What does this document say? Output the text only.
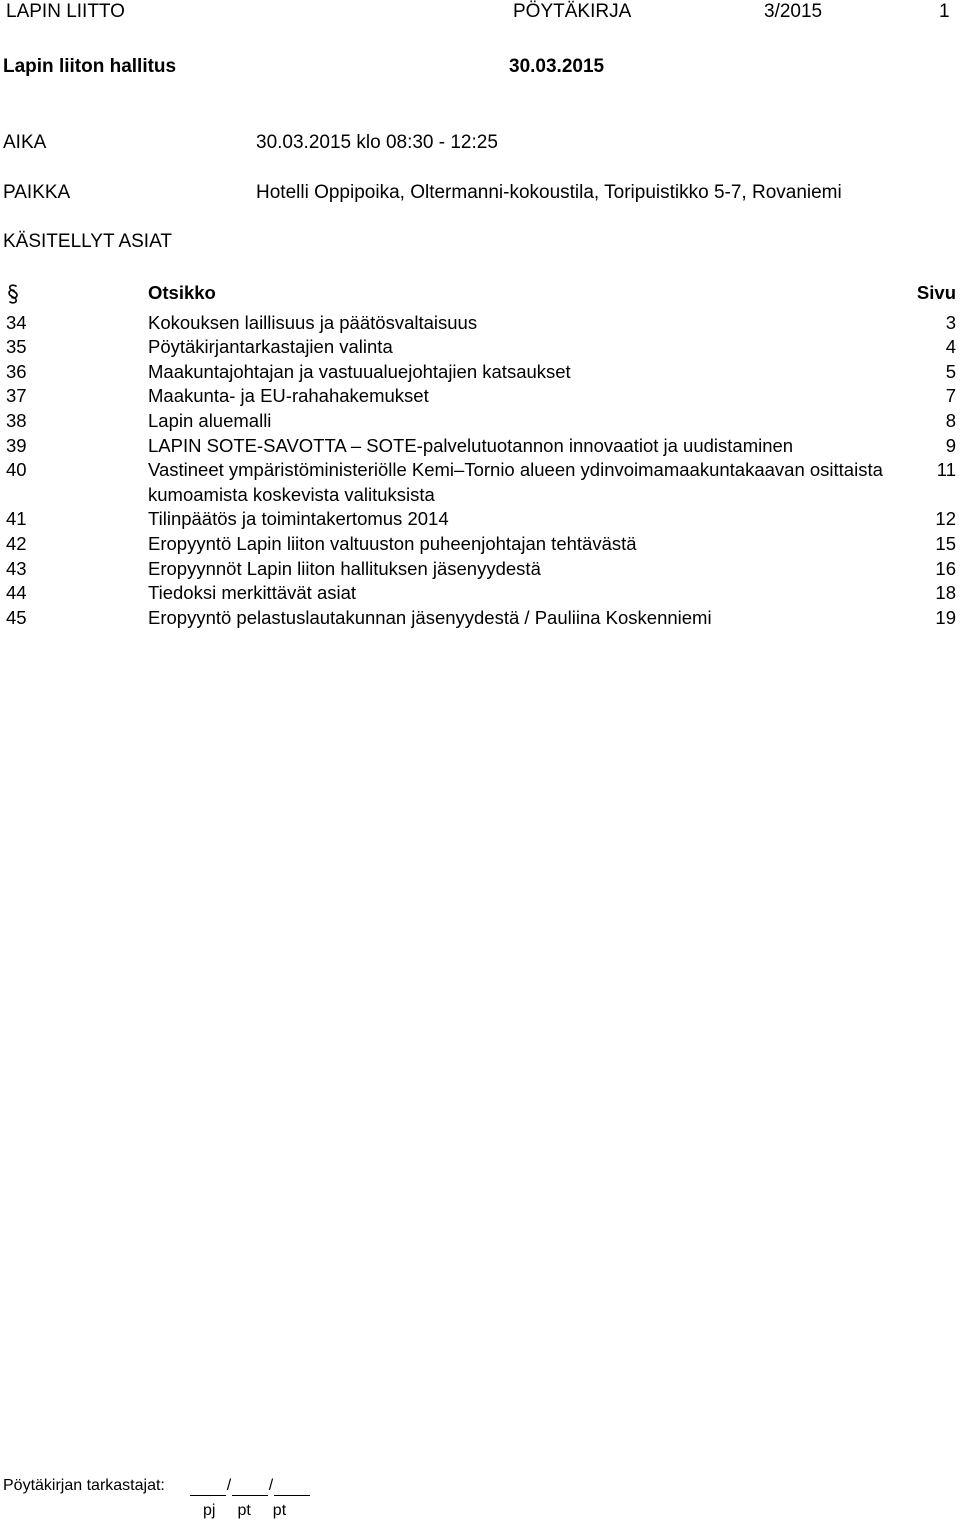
LAPIN LIITTO	PÖYTÄKIRJA	3/2015	1
Lapin liiton hallitus	30.03.2015
AIKA	30.03.2015 klo 08:30 - 12:25
PAIKKA	Hotelli Oppipoika, Oltermanni-kokoustila, Toripuistikko 5-7, Rovaniemi
KÄSITELLYT ASIAT
	Otsikko	Sivu
34	Kokouksen laillisuus ja päätösvaltaisuus	3
35	Pöytäkirjantarkastajien valinta	4
36	Maakuntajohtajan ja vastuualuejohtajien katsaukset	5
37	Maakunta- ja EU-rahahakemukset	7
38	Lapin aluemalli	8
39	LAPIN SOTE-SAVOTTA – SOTE-palvelutuotannon innovaatiot ja uudistaminen	9
40	Vastineet ympäristöministeriölle Kemi–Tornio alueen ydinvoimamaakuntakaavan osittaista kumoamista koskevista valituksista	11
41	Tilinpäätös ja toimintakertomus 2014	12
42	Eropyyntö Lapin liiton valtuuston puheenjohtajan tehtävästä	15
43	Eropyynnöt Lapin liiton hallituksen jäsenyydestä	16
44	Tiedoksi merkittävät asiat	18
45	Eropyyntö pelastuslautakunnan jäsenyydestä / Pauliina Koskenniemi	19
Pöytäkirjan tarkastajat:	/ /
pj pt pt
